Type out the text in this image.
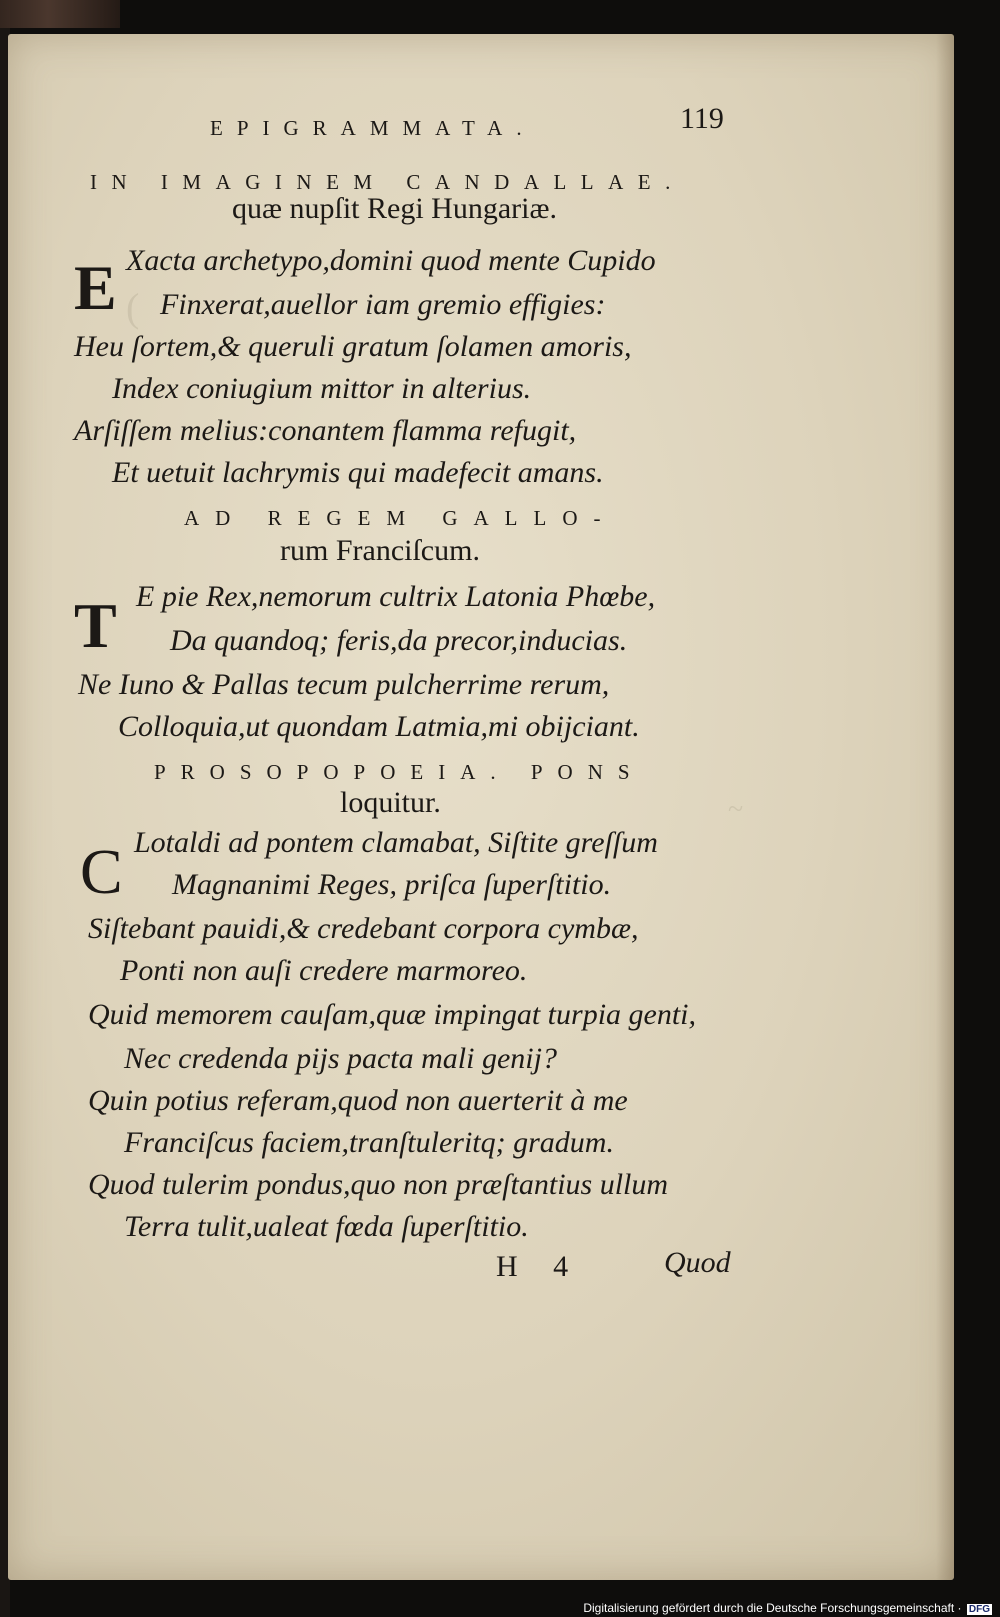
(
~
EPIGRAMMATA.	119
IN IMAGINEM CANDALLAE.
quæ nupſit Regi Hungariæ.
E Xacta archetypo,domini quod mente Cupido
Finxerat,auellor iam gremio effigies:
Heu ſortem,& queruli gratum ſolamen amoris,
Index coniugium mittor in alterius.
Arſiſſem melius:conantem flamma refugit,
Et uetuit lachrymis qui madefecit amans.
AD REGEM GALLO-
rum Franciſcum.
T E pie Rex,nemorum cultrix Latonia Phœbe,
Da quandoq; feris,da precor,inducias.
Ne Iuno & Pallas tecum pulcherrime rerum,
Colloquia,ut quondam Latmia,mi obijciant.
PROSOPOPOEIA. PONS
loquitur.
C Lotaldi ad pontem clamabat, Siſtite greſſum
Magnanimi Reges, priſca ſuperſtitio.
Siſtebant pauidi,& credebant corpora cymbæ,
Ponti non auſi credere marmoreo.
Quid memorem cauſam,quæ impingat turpia genti,
Nec credenda pijs pacta mali genij?
Quin potius referam,quod non auerterit à me
Franciſcus faciem,tranſtuleritq; gradum.
Quod tulerim pondus,quo non præſtantius ullum
Terra tulit,ualeat fœda ſuperſtitio.
H 4	Quod
Digitalisierung gefördert durch die Deutsche Forschungsgemeinschaft · DFG
